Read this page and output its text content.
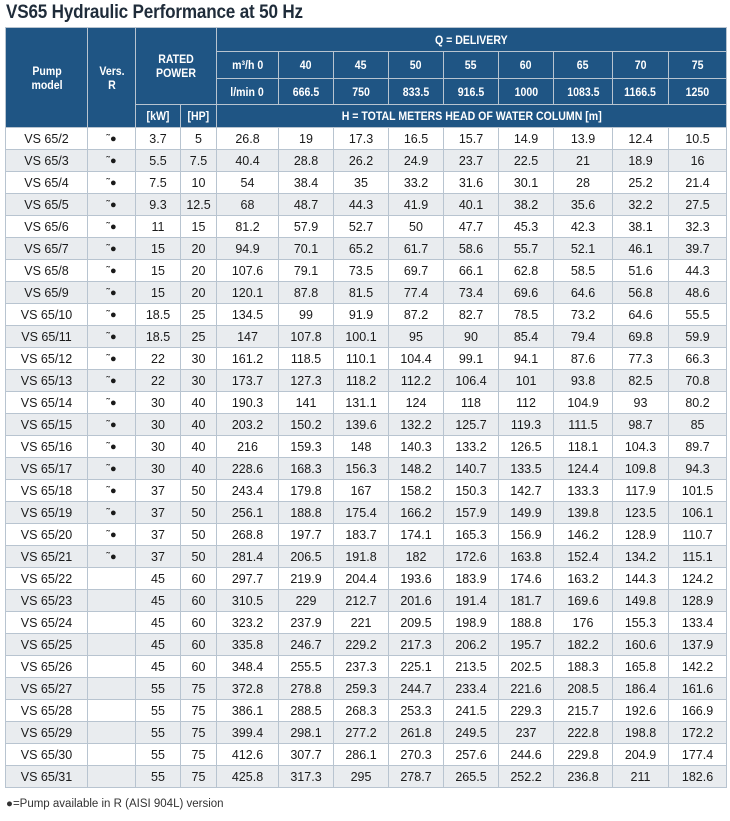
VS65 Hydraulic Performance at 50 Hz
Pump model	Vers. R	RATED POWER		Q = DELIVERY								
				m³/h 0	40	45	50	55	60	65	70	75
				l/min 0	666.5	750	833.5	916.5	1000	1083.5	1166.5	1250
		[kW]	[HP]	H = TOTAL METERS HEAD OF WATER COLUMN [m]								
VS 65/2	˜●	3.7	5	26.8	19	17.3	16.5	15.7	14.9	13.9	12.4	10.5
VS 65/3	˜●	5.5	7.5	40.4	28.8	26.2	24.9	23.7	22.5	21	18.9	16
VS 65/4	˜●	7.5	10	54	38.4	35	33.2	31.6	30.1	28	25.2	21.4
VS 65/5	˜●	9.3	12.5	68	48.7	44.3	41.9	40.1	38.2	35.6	32.2	27.5
VS 65/6	˜●	11	15	81.2	57.9	52.7	50	47.7	45.3	42.3	38.1	32.3
VS 65/7	˜●	15	20	94.9	70.1	65.2	61.7	58.6	55.7	52.1	46.1	39.7
VS 65/8	˜●	15	20	107.6	79.1	73.5	69.7	66.1	62.8	58.5	51.6	44.3
VS 65/9	˜●	15	20	120.1	87.8	81.5	77.4	73.4	69.6	64.6	56.8	48.6
VS 65/10	˜●	18.5	25	134.5	99	91.9	87.2	82.7	78.5	73.2	64.6	55.5
VS 65/11	˜●	18.5	25	147	107.8	100.1	95	90	85.4	79.4	69.8	59.9
VS 65/12	˜●	22	30	161.2	118.5	110.1	104.4	99.1	94.1	87.6	77.3	66.3
VS 65/13	˜●	22	30	173.7	127.3	118.2	112.2	106.4	101	93.8	82.5	70.8
VS 65/14	˜●	30	40	190.3	141	131.1	124	118	112	104.9	93	80.2
VS 65/15	˜●	30	40	203.2	150.2	139.6	132.2	125.7	119.3	111.5	98.7	85
VS 65/16	˜●	30	40	216	159.3	148	140.3	133.2	126.5	118.1	104.3	89.7
VS 65/17	˜●	30	40	228.6	168.3	156.3	148.2	140.7	133.5	124.4	109.8	94.3
VS 65/18	˜●	37	50	243.4	179.8	167	158.2	150.3	142.7	133.3	117.9	101.5
VS 65/19	˜●	37	50	256.1	188.8	175.4	166.2	157.9	149.9	139.8	123.5	106.1
VS 65/20	˜●	37	50	268.8	197.7	183.7	174.1	165.3	156.9	146.2	128.9	110.7
VS 65/21	˜●	37	50	281.4	206.5	191.8	182	172.6	163.8	152.4	134.2	115.1
VS 65/22		45	60	297.7	219.9	204.4	193.6	183.9	174.6	163.2	144.3	124.2
VS 65/23		45	60	310.5	229	212.7	201.6	191.4	181.7	169.6	149.8	128.9
VS 65/24		45	60	323.2	237.9	221	209.5	198.9	188.8	176	155.3	133.4
VS 65/25		45	60	335.8	246.7	229.2	217.3	206.2	195.7	182.2	160.6	137.9
VS 65/26		45	60	348.4	255.5	237.3	225.1	213.5	202.5	188.3	165.8	142.2
VS 65/27		55	75	372.8	278.8	259.3	244.7	233.4	221.6	208.5	186.4	161.6
VS 65/28		55	75	386.1	288.5	268.3	253.3	241.5	229.3	215.7	192.6	166.9
VS 65/29		55	75	399.4	298.1	277.2	261.8	249.5	237	222.8	198.8	172.2
VS 65/30		55	75	412.6	307.7	286.1	270.3	257.6	244.6	229.8	204.9	177.4
VS 65/31		55	75	425.8	317.3	295	278.7	265.5	252.2	236.8	211	182.6
●=Pump available in R (AISI 904L) version
